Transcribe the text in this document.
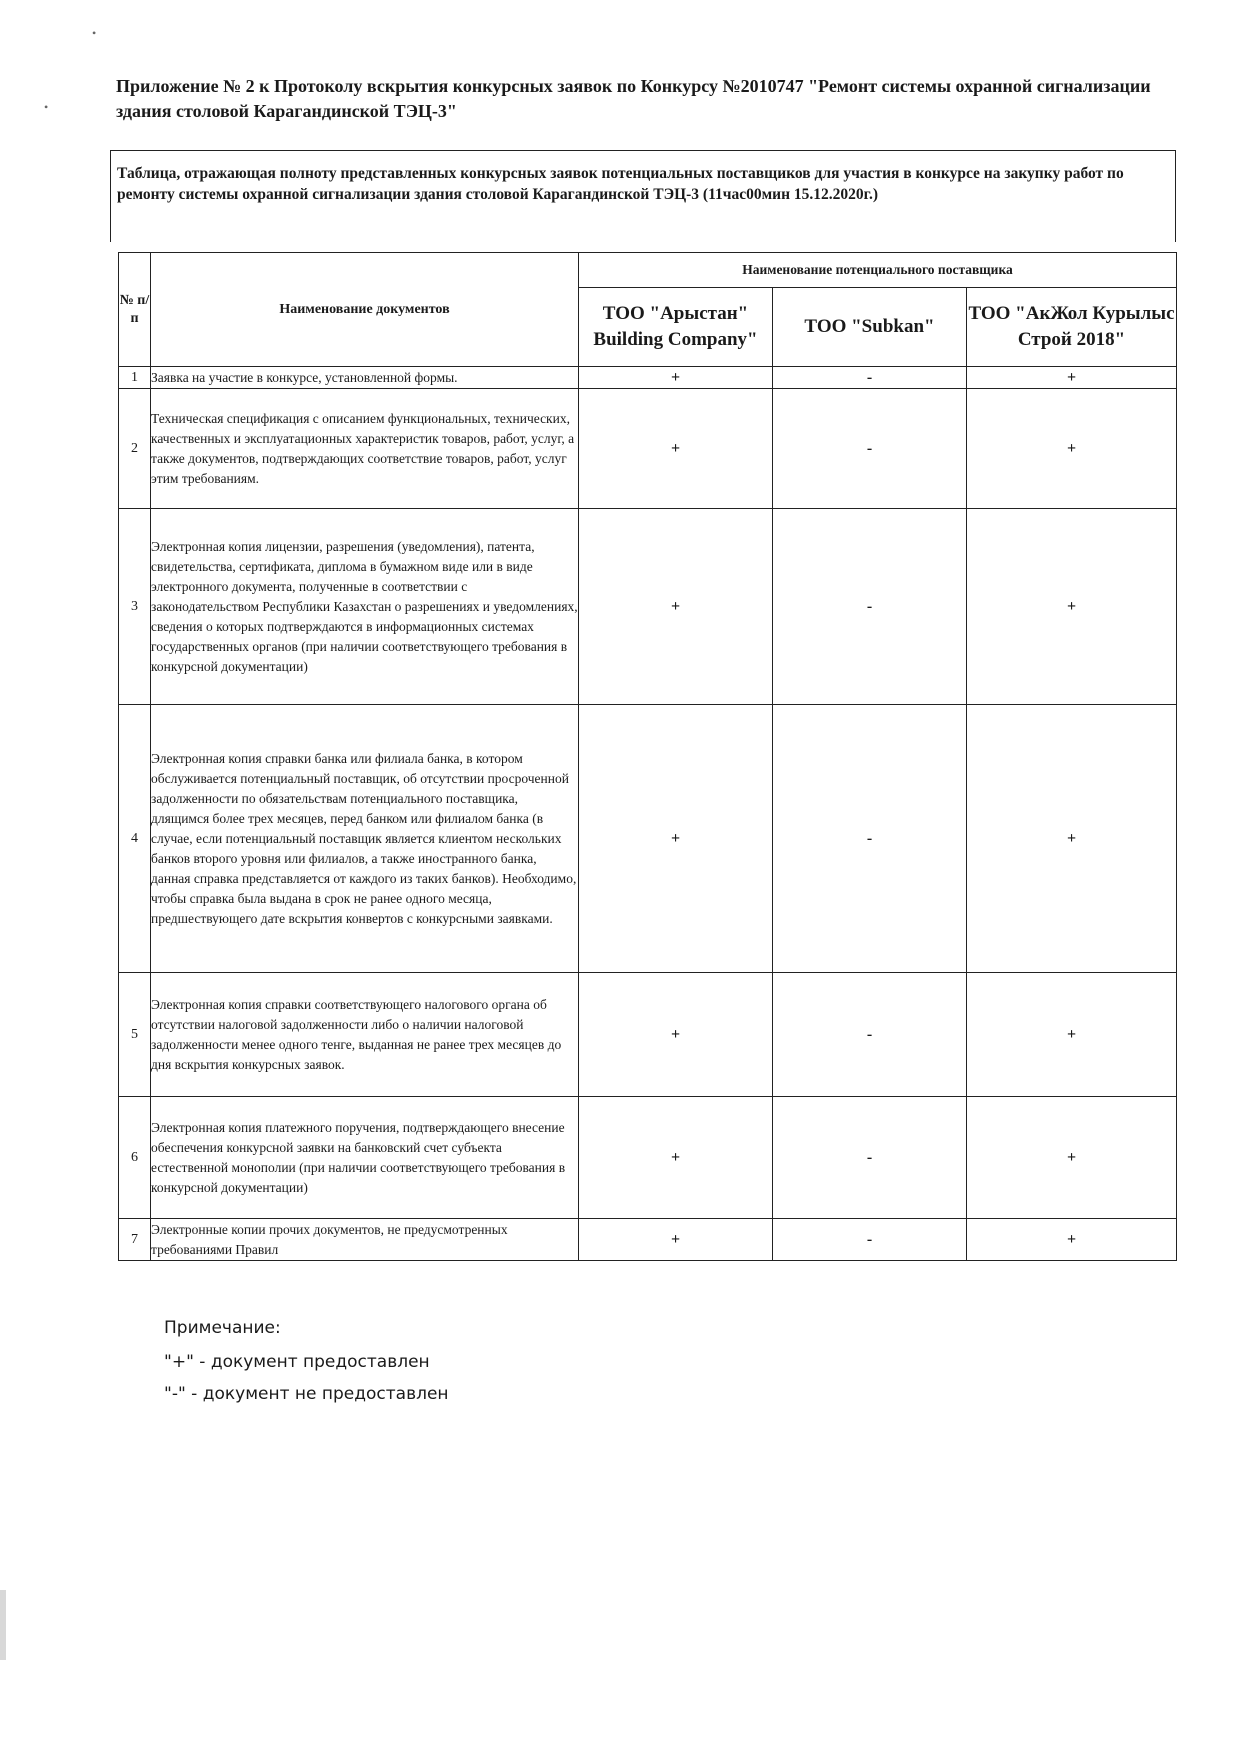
•
•
Приложение № 2 к Протоколу вскрытия конкурсных заявок по Конкурсу №2010747 "Ремонт системы охранной сигнализации здания столовой Карагандинской ТЭЦ-3"
Таблица, отражающая полноту представленных конкурсных заявок потенциальных поставщиков для участия в конкурсе на закупку работ по ремонту системы охранной сигнализации здания столовой Карагандинской ТЭЦ-3 (11час00мин 15.12.2020г.)
№ п/п	Наименование документов	Наименование потенциального поставщика		
		ТОО "Арыстан" Building Company"	ТОО "Subkan"	ТОО "АкЖол Курылыс Строй 2018"
1	Заявка на участие в конкурсе, установленной формы.	+	-	+
2	Техническая спецификация с описанием функциональных, технических, качественных и эксплуатационных характеристик товаров, работ, услуг, а также документов, подтверждающих соответствие товаров, работ, услуг этим требованиям.	+	-	+
3	Электронная копия лицензии, разрешения (уведомления), патента, свидетельства, сертификата, диплома в бумажном виде или в виде электронного документа, полученные в соответствии с законодательством Республики Казахстан о разрешениях и уведомлениях, сведения о которых подтверждаются в информационных системах государственных органов (при наличии соответствующего требования в конкурсной документации)	+	-	+
4	Электронная копия справки банка или филиала банка, в котором обслуживается потенциальный поставщик, об отсутствии просроченной задолженности по обязательствам потенциального поставщика, длящимся более трех месяцев, перед банком или филиалом банка (в случае, если потенциальный поставщик является клиентом нескольких банков второго уровня или филиалов, а также иностранного банка, данная справка представляется от каждого из таких банков). Необходимо, чтобы справка была выдана в срок не ранее одного месяца, предшествующего дате вскрытия конвертов с конкурсными заявками.	+	-	+
5	Электронная копия справки соответствующего налогового органа об отсутствии налоговой задолженности либо о наличии налоговой задолженности менее одного тенге, выданная не ранее трех месяцев до дня вскрытия конкурсных заявок.	+	-	+
6	Электронная копия платежного поручения, подтверждающего внесение обеспечения конкурсной заявки на банковский счет субъекта естественной монополии (при наличии соответствующего требования в конкурсной документации)	+	-	+
7	Электронные копии прочих документов, не предусмотренных требованиями Правил	+	-	+
Примечание:
"+" - документ предоставлен
"-" - документ не предоставлен
